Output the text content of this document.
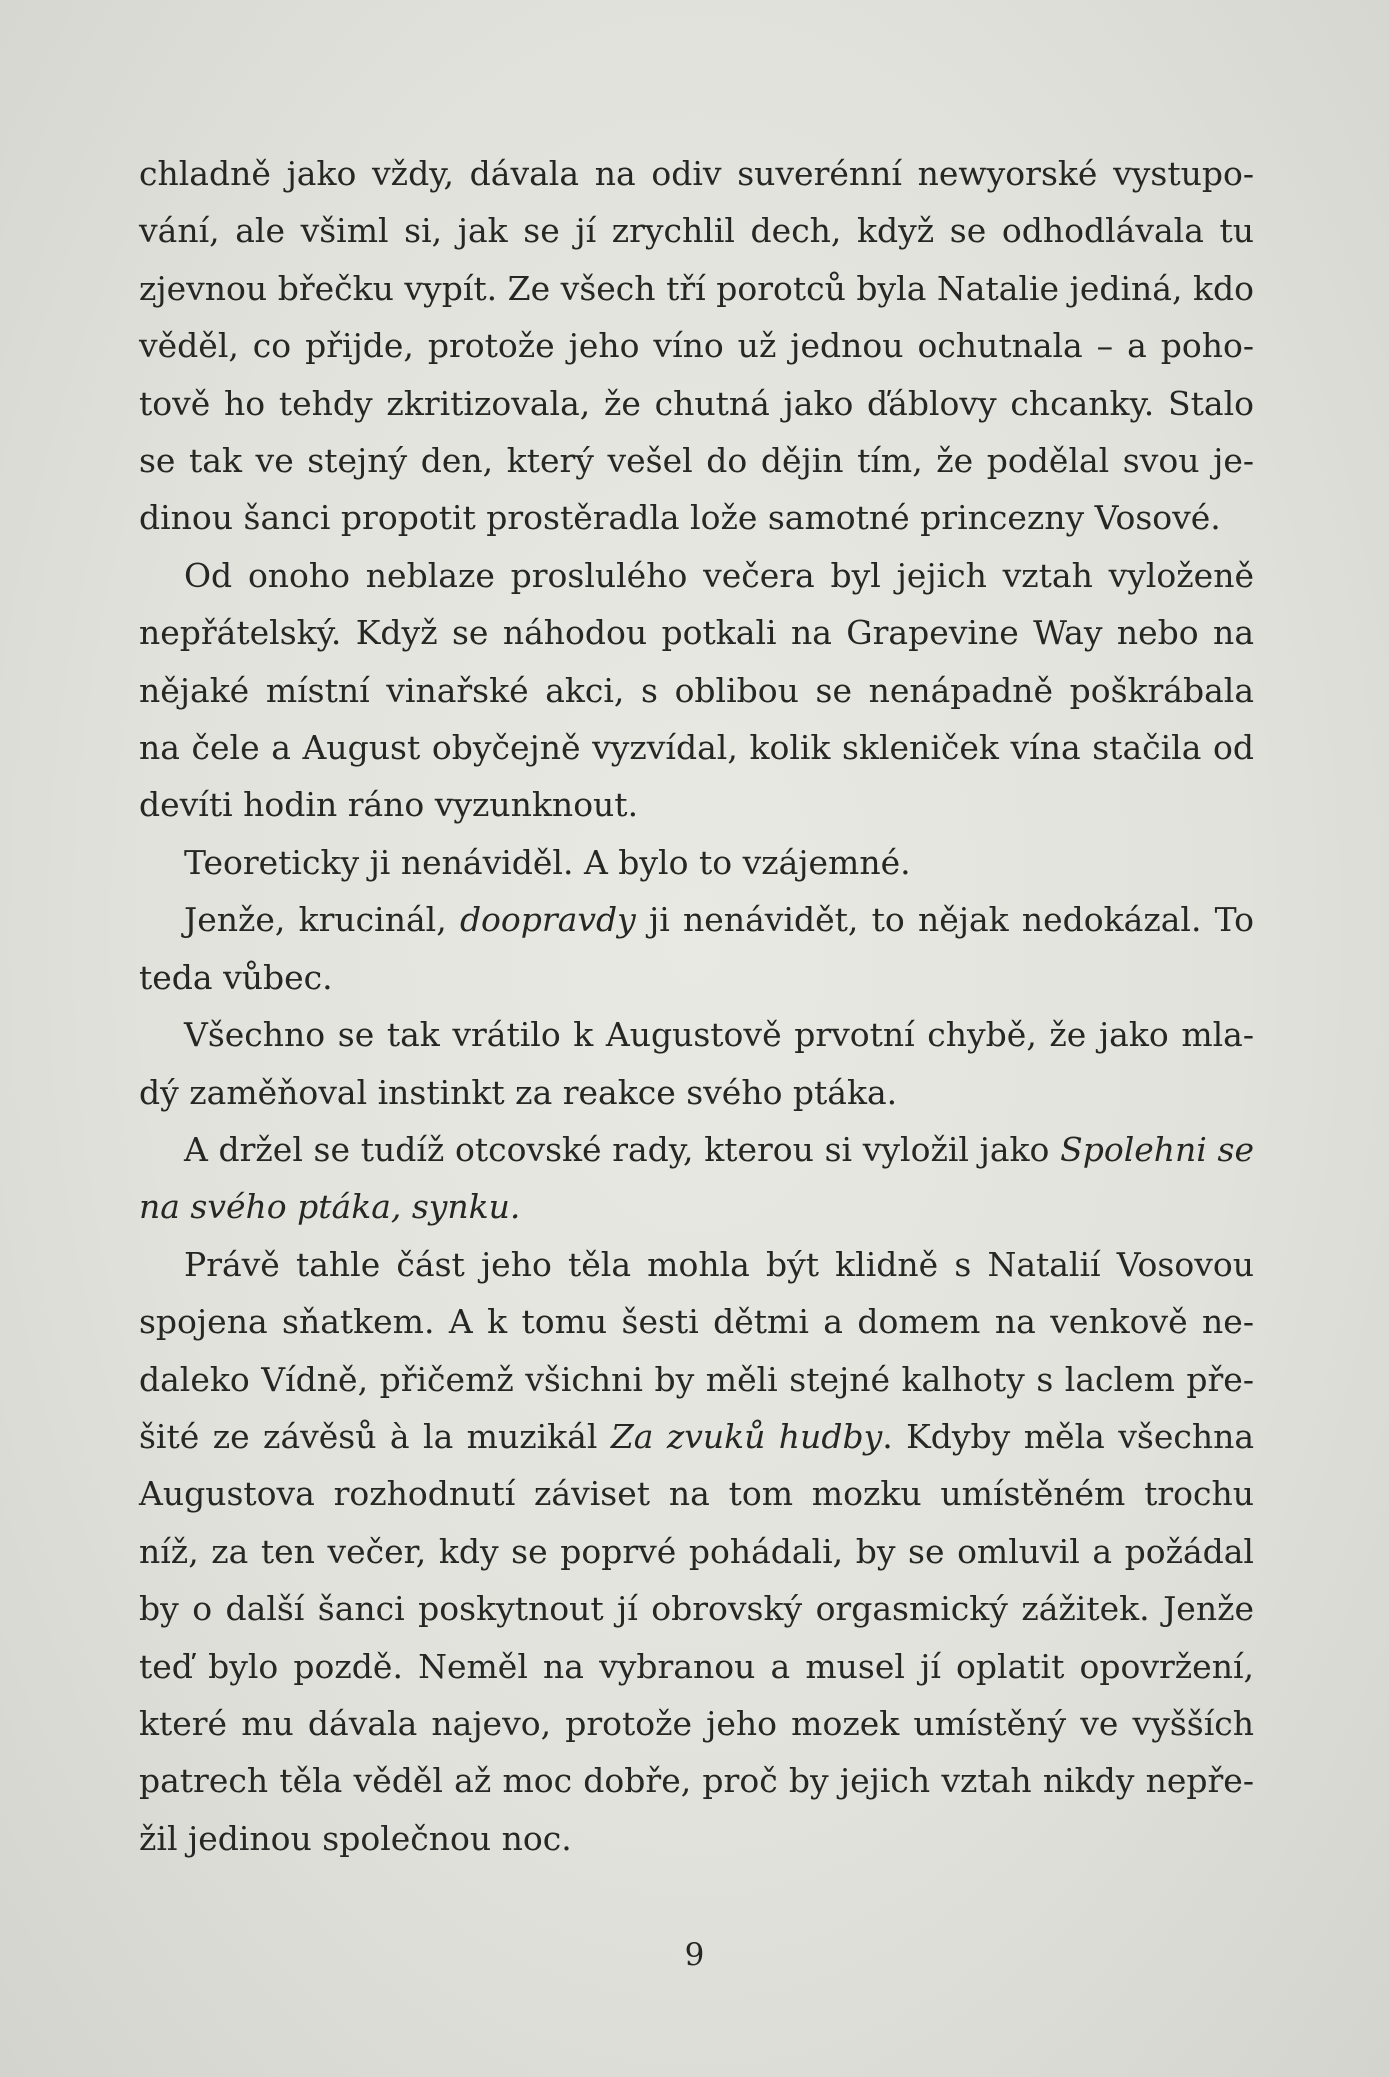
chladně jako vždy, dávala na odiv suverénní newyorské vystupování, ale všiml si, jak se jí zrychlil dech, když se odhodlávala tu zjevnou břečku vypít. Ze všech tří porotců byla Natalie jediná, kdo věděl, co přijde, protože jeho víno už jednou ochutnala – a pohotově ho tehdy zkritizovala, že chutná jako ďáblovy chcanky. Stalo se tak ve stejný den, který vešel do dějin tím, že podělal svou jedinou šanci propotit prostěradla lože samotné princezny Vosové.

Od onoho neblaze proslulého večera byl jejich vztah vyloženě nepřátelský. Když se náhodou potkali na Grapevine Way nebo na nějaké místní vinařské akci, s oblibou se nenápadně poškrábala na čele a August obyčejně vyzvídal, kolik skleniček vína stačila od devíti hodin ráno vyzunknout.

Teoreticky ji nenáviděl. A bylo to vzájemné.

Jenže, krucinál, doopravdy ji nenávidět, to nějak nedokázal. To teda vůbec.

Všechno se tak vrátilo k Augustově prvotní chybě, že jako mladý zaměňoval instinkt za reakce svého ptáka.

A držel se tudíž otcovské rady, kterou si vyložil jako Spolehni se na svého ptáka, synku.

Právě tahle část jeho těla mohla být klidně s Natalií Vosovou spojena sňatkem. A k tomu šesti dětmi a domem na venkově nedaleko Vídně, přičemž všichni by měli stejné kalhoty s laclem přešité ze závěsů à la muzikál Za zvuků hudby. Kdyby měla všechna Augustova rozhodnutí záviset na tom mozku umístěném trochu níž, za ten večer, kdy se poprvé pohádali, by se omluvil a požádal by o další šanci poskytnout jí obrovský orgasmický zážitek. Jenže teď bylo pozdě. Neměl na vybranou a musel jí oplatit opovržení, které mu dávala najevo, protože jeho mozek umístěný ve vyšších patrech těla věděl až moc dobře, proč by jejich vztah nikdy nepřežil jedinou společnou noc.

9
